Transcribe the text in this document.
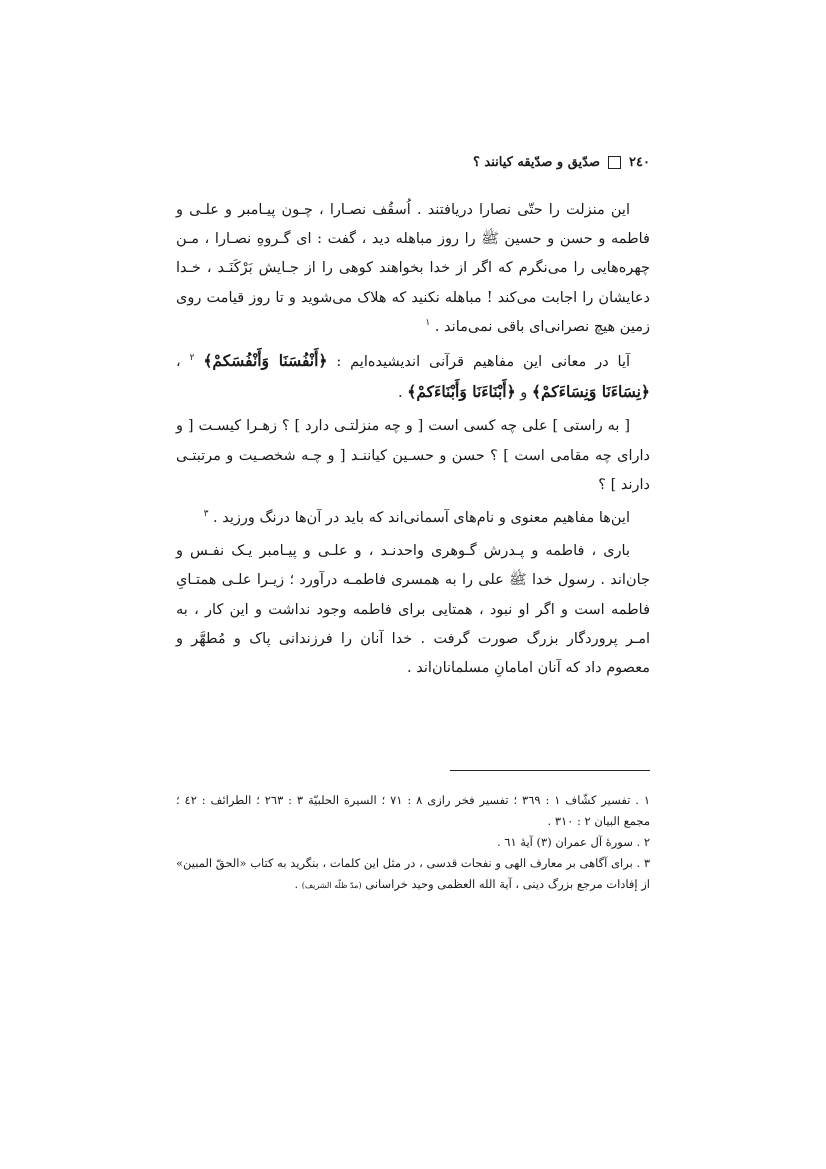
٢٤٠
صدّیق و صدّیقه کیانند ؟

این منزلت را حتّی نصارا دریافتند . اُسقُف نصـارا ، چـون پیـامبر و علـی و فاطمه و حسن و حسین ﷺ را روز مباهله دید ، گفت : ای گـروهِ نصـارا ، مـن چهره‌هایی را می‌نگرم که اگر از خدا بخواهند کوهی را از جـایش بَرْکَنَـد ، خـدا دعایشان را اجابت می‌کند ! مباهله نکنید که هلاک می‌شوید و تا روز قیامت روی زمین هیچ نصرانی‌ای باقی نمی‌ماند . $^١$

آیا در معانی این مفاهیم قرآنی اندیشیده‌ایم : ﴿أَنْفُسَنَا وَأَنْفُسَكمْ﴾ $^٢$ ، ﴿نِسَاءَنَا وَنِسَاءَكمْ﴾ و ﴿أَبْنَاءَنَا وَأَبْنَاءَكمْ﴾ .

[ به راستی ] علی چه کسی است [ و چه منزلتـی دارد ] ؟ زهـرا کیسـت [ و دارای چه مقامی است ] ؟ حسن و حسـین کیاننـد [ و چـه شخصـیت و مرتبتـی دارند ] ؟

این‌ها مفاهیم معنوی و نام‌های آسمانی‌اند که باید در آن‌ها درنگ ورزید . $^٣$

باری ، فاطمه و پـدرش گـوهری واحدنـد ، و علـی و پیـامبر یـک نفـس و جان‌اند . رسول خدا ﷺ علی را به همسری فاطمـه درآورد ؛ زیـرا علـی همتـایِ فاطمه است و اگر او نبود ، همتایی برای فاطمه وجود نداشت و این کار ، به امـر پروردگار بزرگ صورت گرفت . خدا آنان را فرزندانی پاک و مُطهَّر و معصوم داد که آنان امامانِ مسلمانان‌اند .

١ . تفسیر کشّاف ١ : ٣٦٩ ؛ تفسیر فخر رازی ٨ : ٧١ ؛ السیرة الحلبیّة ٣ : ٢٦٣ ؛ الطرائف : ٤٢ ؛ مجمع البیان ٢ : ٣١٠ .

٢ . سورهٔ آل عمران (٣) آیهٔ ٦١ .

٣ . برای آگاهی بر معارف الهی و نفحات قدسی ، در مثل این کلمات ، بنگرید به کتاب «الحقّ المبین» از إفادات مرجع بزرگ دینی ، آیة الله العظمی وحید خراسانی (مدّ ظلّه الشریف) .
